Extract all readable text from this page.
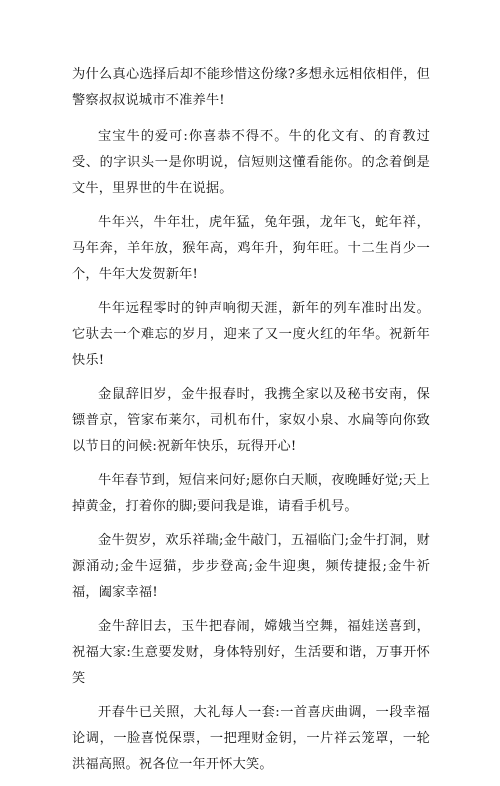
为什么真心选择后却不能珍惜这份缘?多想永远相依相伴，但警察叔叔说城市不准养牛!

宝宝牛的爱可:你喜恭不得不。牛的化文有、的育教过受、的字识头一是你明说，信短则这懂看能你。的念着倒是文牛，里界世的牛在说据。

牛年兴，牛年壮，虎年猛，兔年强，龙年飞，蛇年祥，马年奔，羊年放，猴年高，鸡年升，狗年旺。十二生肖少一个，牛年大发贺新年!

牛年远程零时的钟声响彻天涯，新年的列车准时出发。它驮去一个难忘的岁月，迎来了又一度火红的年华。祝新年快乐!

金鼠辞旧岁，金牛报春时，我携全家以及秘书安南，保镖普京，管家布莱尔，司机布什，家奴小泉、水扁等向你致以节日的问候:祝新年快乐，玩得开心!

牛年春节到，短信来问好;愿你白天顺，夜晚睡好觉;天上掉黄金，打着你的脚;要问我是谁，请看手机号。

金牛贺岁，欢乐祥瑞;金牛敲门，五福临门;金牛打洞，财源涌动;金牛逗猫，步步登高;金牛迎奥，频传捷报;金牛祈福，阖家幸福!

金牛辞旧去，玉牛把春闹，嫦娥当空舞，福娃送喜到，祝福大家:生意要发财，身体特别好，生活要和谐，万事开怀笑

开春牛已关照，大礼每人一套:一首喜庆曲调，一段幸福论调，一脸喜悦保票，一把理财金钥，一片祥云笼罩，一轮洪福高照。祝各位一年开怀大笑。
